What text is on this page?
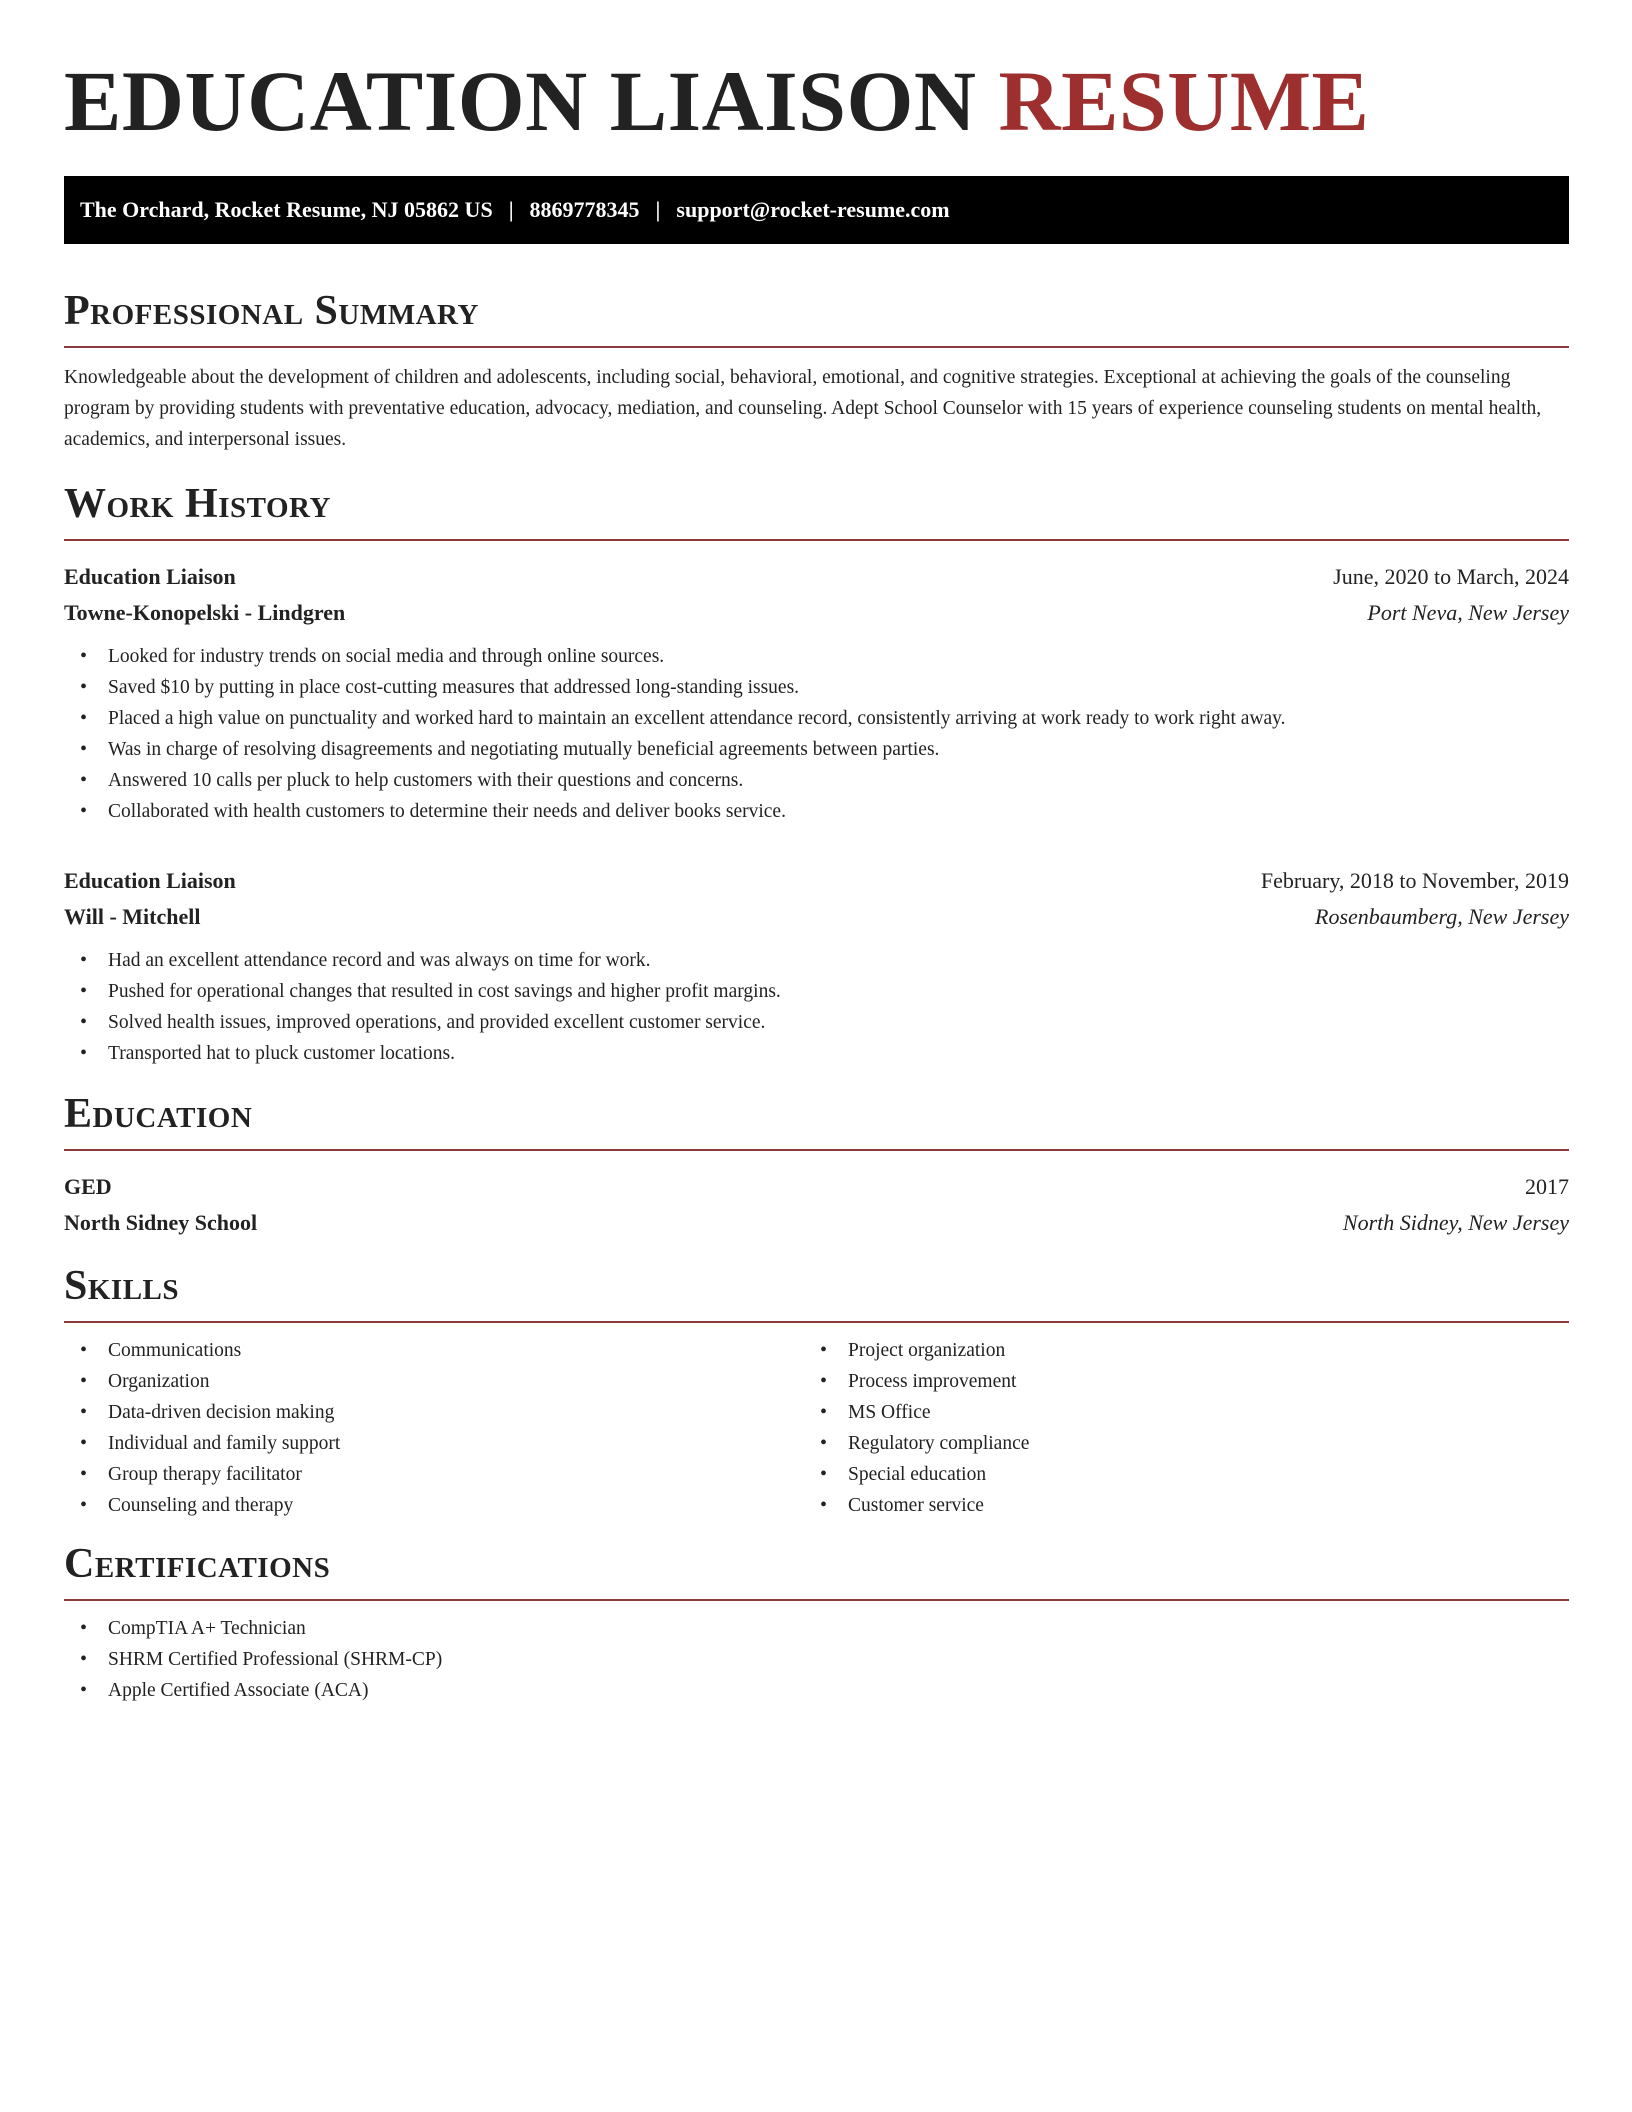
EDUCATION LIAISON RESUME
The Orchard, Rocket Resume, NJ 05862 US | 8869778345 | support@rocket-resume.com
Professional Summary

Knowledgeable about the development of children and adolescents, including social, behavioral, emotional, and cognitive strategies. Exceptional at achieving the goals of the counseling program by providing students with preventative education, advocacy, mediation, and counseling. Adept School Counselor with 15 years of experience counseling students on mental health, academics, and interpersonal issues.

Work History
Education Liaison	June, 2020 to March, 2024
Towne-Konopelski - Lindgren	Port Neva, New Jersey
• Looked for industry trends on social media and through online sources.
• Saved $10 by putting in place cost-cutting measures that addressed long-standing issues.
• Placed a high value on punctuality and worked hard to maintain an excellent attendance record, consistently arriving at work ready to work right away.
• Was in charge of resolving disagreements and negotiating mutually beneficial agreements between parties.
• Answered 10 calls per pluck to help customers with their questions and concerns.
• Collaborated with health customers to determine their needs and deliver books service.
Education Liaison	February, 2018 to November, 2019
Will - Mitchell	Rosenbaumberg, New Jersey
• Had an excellent attendance record and was always on time for work.
• Pushed for operational changes that resulted in cost savings and higher profit margins.
• Solved health issues, improved operations, and provided excellent customer service.
• Transported hat to pluck customer locations.
Education
GED	2017
North Sidney School	North Sidney, New Jersey
Skills
• Communications
• Organization
• Data-driven decision making
• Individual and family support
• Group therapy facilitator
• Counseling and therapy
• Project organization
• Process improvement
• MS Office
• Regulatory compliance
• Special education
• Customer service
Certifications
• CompTIA A+ Technician
• SHRM Certified Professional (SHRM-CP)
• Apple Certified Associate (ACA)
